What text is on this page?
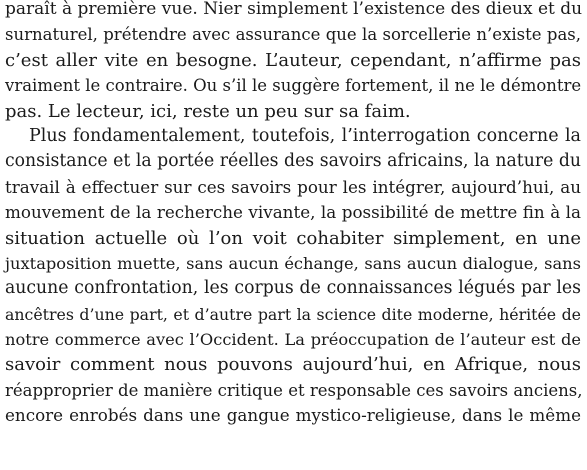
paraît à première vue. Nier simplement l’existence des dieux et du
surnaturel, prétendre avec assurance que la sorcellerie n’existe pas,
c’est aller vite en besogne. L’auteur, cependant, n’affirme pas
vraiment le contraire. Ou s’il le suggère fortement, il ne le démontre
pas. Le lecteur, ici, reste un peu sur sa faim.
Plus fondamentalement, toutefois, l’interrogation concerne la
consistance et la portée réelles des savoirs africains, la nature du
travail à effectuer sur ces savoirs pour les intégrer, aujourd’hui, au
mouvement de la recherche vivante, la possibilité de mettre fin à la
situation actuelle où l’on voit cohabiter simplement, en une
juxtaposition muette, sans aucun échange, sans aucun dialogue, sans
aucune confrontation, les corpus de connaissances légués par les
ancêtres d’une part, et d’autre part la science dite moderne, héritée de
notre commerce avec l’Occident. La préoccupation de l’auteur est de
savoir comment nous pouvons aujourd’hui, en Afrique, nous
réapproprier de manière critique et responsable ces savoirs anciens,
encore enrobés dans une gangue mystico-religieuse, dans le même
